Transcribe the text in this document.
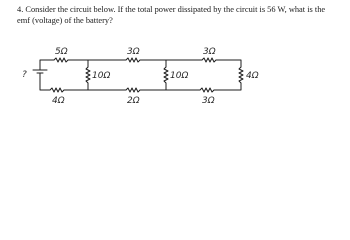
4. Consider the circuit below. If the total power dissipated by the circuit is 56 W, what is the emf (voltage) of the battery?

?
5Ω
4Ω
10Ω
3Ω
2Ω
10Ω
3Ω
3Ω
4Ω
